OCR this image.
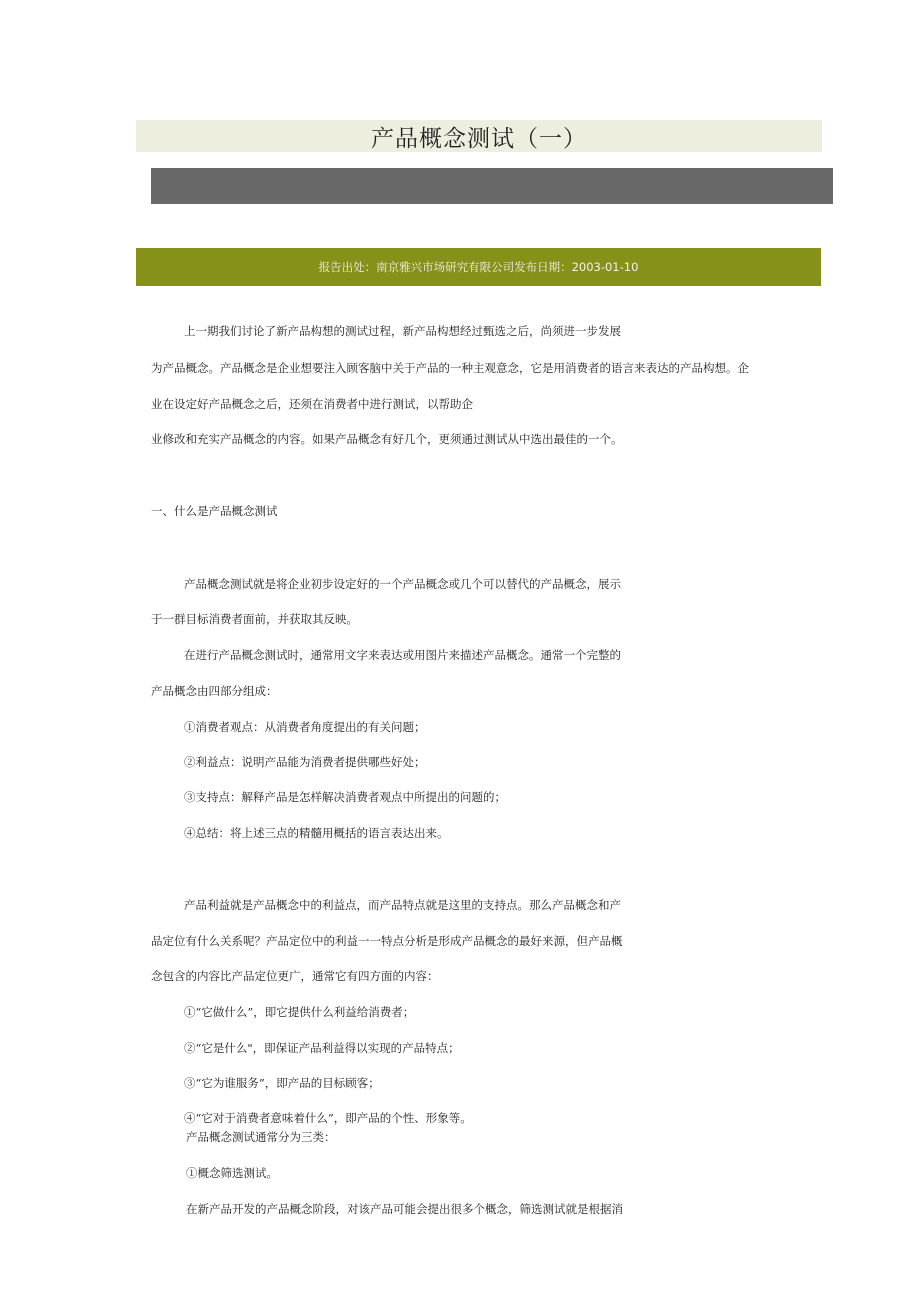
产品概念测试（一）
报告出处：南京雅兴市场研究有限公司发布日期：2003-01-10
上一期我们讨论了新产品构想的测试过程，新产品构想经过甄选之后，尚须进一步发展
为产品概念。产品概念是企业想要注入顾客脑中关于产品的一种主观意念，它是用消费者的语言来表达的产品构想。企
业在设定好产品概念之后，还须在消费者中进行测试，以帮助企
业修改和充实产品概念的内容。如果产品概念有好几个，更须通过测试从中选出最佳的一个。
一、什么是产品概念测试
产品概念测试就是将企业初步设定好的一个产品概念或几个可以替代的产品概念，展示
于一群目标消费者面前，并获取其反映。
在进行产品概念测试时，通常用文字来表达或用图片来描述产品概念。通常一个完整的
产品概念由四部分组成：
①消费者观点：从消费者角度提出的有关问题；
②利益点：说明产品能为消费者提供哪些好处；
③支持点：解释产品是怎样解决消费者观点中所提出的问题的；
④总结：将上述三点的精髓用概括的语言表达出来。
产品利益就是产品概念中的利益点，而产品特点就是这里的支持点。那么产品概念和产
品定位有什么关系呢？产品定位中的利益一一特点分析是形成产品概念的最好来源，但产品概
念包含的内容比产品定位更广，通常它有四方面的内容：
①“它做什么”，即它提供什么利益给消费者；
②“它是什么"，即保证产品利益得以实现的产品特点；
③“它为谁服务”，即产品的目标顾客；
④“它对于消费者意味着什么”，即产品的个性、形象等。
产品概念测试通常分为三类：
①概念筛选测试。
在新产品开发的产品概念阶段，对该产品可能会提出很多个概念，筛选测试就是根据消
